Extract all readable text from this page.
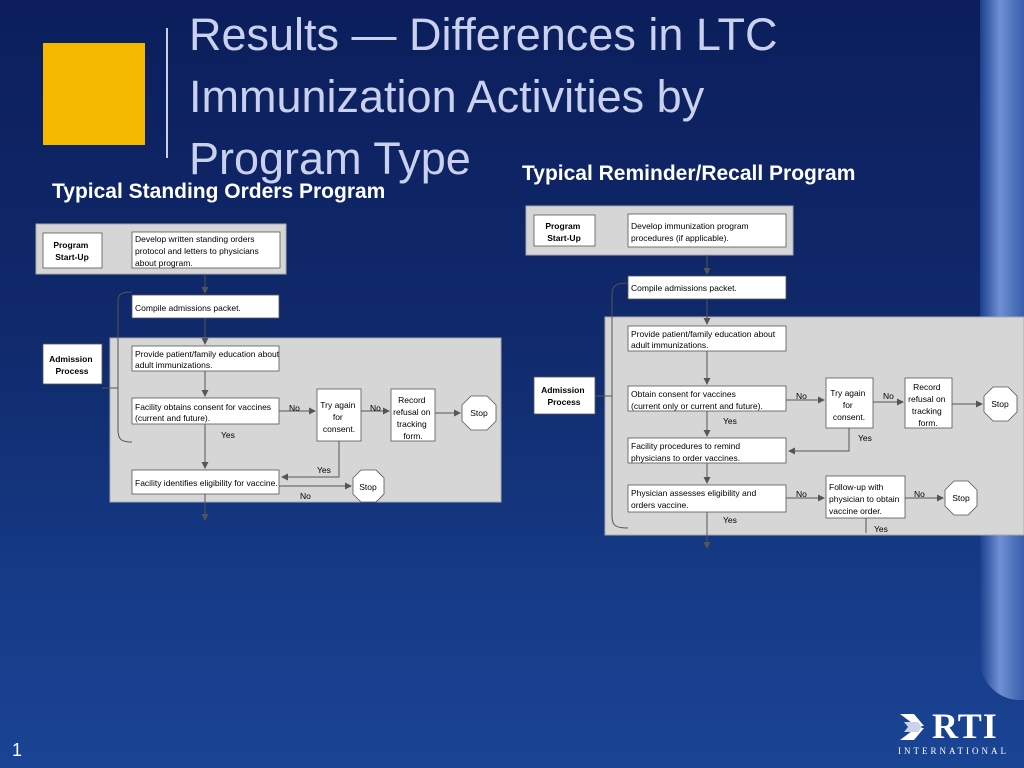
Results — Differences in LTC Immunization Activities by Program Type
Typical Standing Orders Program
Typical Reminder/Recall Program
Program Start-Up
Admission Process
Develop written standing orders protocol and letters to physicians about program.
Compile admissions packet.
Provide patient/family education about adult immunizations.
Facility obtains consent for vaccines (current and future).
Try again for consent.
Record refusal on tracking form.
Stop
Facility identifies eligibility for vaccine.	Stop
No	No
Yes
Yes
No
Program Start-Up
Admission Process
Develop immunization program procedures (if applicable).
Compile admissions packet.
Provide patient/family education about adult immunizations.
Obtain consent for vaccines (current only or current and future).
Try again for consent.
Record refusal on tracking form.
Stop
Facility procedures to remind physicians to order vaccines.
Physician assesses eligibility and orders vaccine.
Follow-up with physician to obtain vaccine order.
Stop
No	No
Yes
Yes
No	No
Yes
Yes
1
RTI
INTERNATIONAL
